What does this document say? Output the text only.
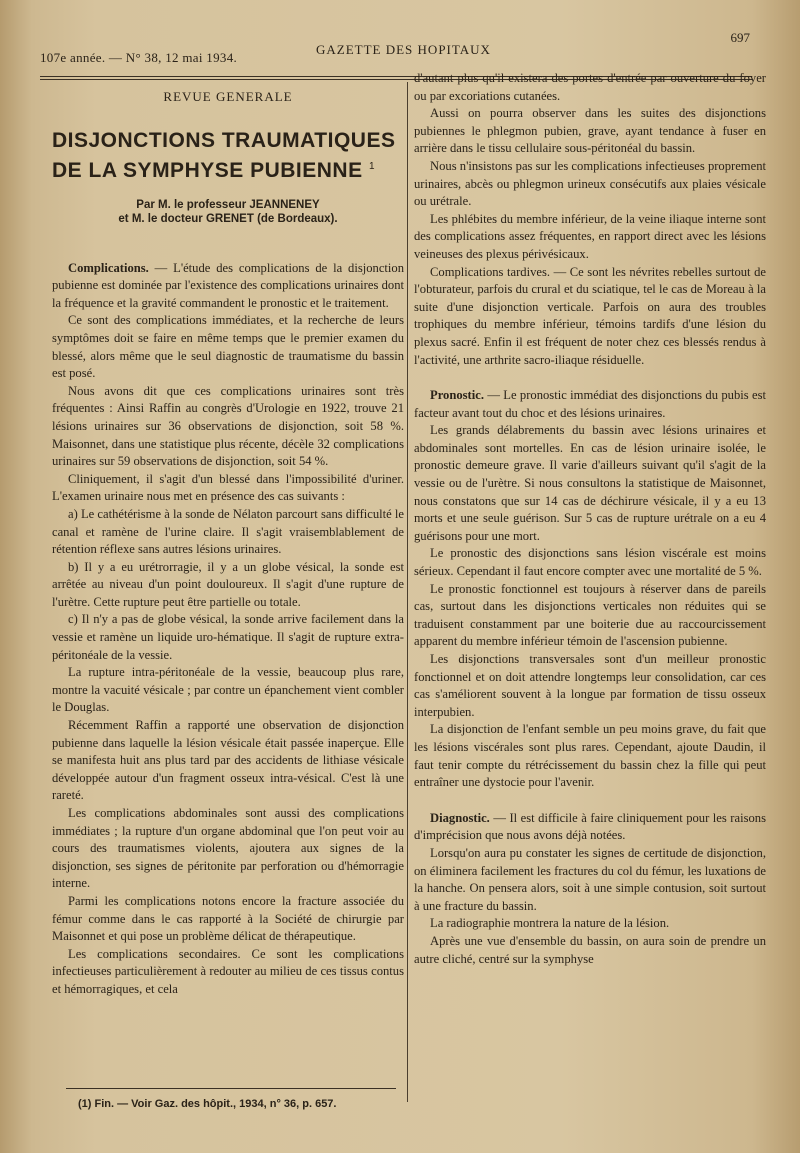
107e année. — N° 38, 12 mai 1934.
GAZETTE DES HOPITAUX
697
REVUE GENERALE
DISJONCTIONS TRAUMATIQUES
DE LA SYMPHYSE PUBIENNE $^1$
Par M. le professeur JEANNENEY
et M. le docteur GRENET (de Bordeaux).

Complications. — L'étude des complications de la disjonction pubienne est dominée par l'existence des complications urinaires dont la fréquence et la gravité commandent le pronostic et le traitement.

Ce sont des complications immédiates, et la recherche de leurs symptômes doit se faire en même temps que le premier examen du blessé, alors même que le seul diagnostic de traumatisme du bassin est posé.

Nous avons dit que ces complications urinaires sont très fréquentes : Ainsi Raffin au congrès d'Urologie en 1922, trouve 21 lésions urinaires sur 36 observations de disjonction, soit 58 %. Maisonnet, dans une statistique plus récente, décèle 32 complications urinaires sur 59 observations de disjonction, soit 54 %.

Cliniquement, il s'agit d'un blessé dans l'impossibilité d'uriner. L'examen urinaire nous met en présence des cas suivants :

a) Le cathétérisme à la sonde de Nélaton parcourt sans difficulté le canal et ramène de l'urine claire. Il s'agit vraisemblablement de rétention réflexe sans autres lésions urinaires.

b) Il y a eu urétrorragie, il y a un globe vésical, la sonde est arrêtée au niveau d'un point douloureux. Il s'agit d'une rupture de l'urètre. Cette rupture peut être partielle ou totale.

c) Il n'y a pas de globe vésical, la sonde arrive facilement dans la vessie et ramène un liquide uro-hématique. Il s'agit de rupture extra-péritonéale de la vessie.

La rupture intra-péritonéale de la vessie, beaucoup plus rare, montre la vacuité vésicale ; par contre un épanchement vient combler le Douglas.

Récemment Raffin a rapporté une observation de disjonction pubienne dans laquelle la lésion vésicale était passée inaperçue. Elle se manifesta huit ans plus tard par des accidents de lithiase vésicale développée autour d'un fragment osseux intra-vésical. C'est là une rareté.

Les complications abdominales sont aussi des complications immédiates ; la rupture d'un organe abdominal que l'on peut voir au cours des traumatismes violents, ajoutera aux signes de la disjonction, ses signes de péritonite par perforation ou d'hémorragie interne.

Parmi les complications notons encore la fracture associée du fémur comme dans le cas rapporté à la Société de chirurgie par Maisonnet et qui pose un problème délicat de thérapeutique.

Les complications secondaires. Ce sont les complications infectieuses particulièrement à redouter au milieu de ces tissus contus et hémorragiques, et cela

(1) Fin. — Voir Gaz. des hôpit., 1934, n° 36, p. 657.

d'autant plus qu'il existera des portes d'entrée par ouverture du foyer ou par excoriations cutanées.

Aussi on pourra observer dans les suites des disjonctions pubiennes le phlegmon pubien, grave, ayant tendance à fuser en arrière dans le tissu cellulaire sous-péritonéal du bassin.

Nous n'insistons pas sur les complications infectieuses proprement urinaires, abcès ou phlegmon urineux consécutifs aux plaies vésicale ou urétrale.

Les phlébites du membre inférieur, de la veine iliaque interne sont des complications assez fréquentes, en rapport direct avec les lésions veineuses des plexus périvésicaux.

Complications tardives. — Ce sont les névrites rebelles surtout de l'obturateur, parfois du crural et du sciatique, tel le cas de Moreau à la suite d'une disjonction verticale. Parfois on aura des troubles trophiques du membre inférieur, témoins tardifs d'une lésion du plexus sacré. Enfin il est fréquent de noter chez ces blessés rendus à l'activité, une arthrite sacro-iliaque résiduelle.

Pronostic. — Le pronostic immédiat des disjonctions du pubis est facteur avant tout du choc et des lésions urinaires.

Les grands délabrements du bassin avec lésions urinaires et abdominales sont mortelles. En cas de lésion urinaire isolée, le pronostic demeure grave. Il varie d'ailleurs suivant qu'il s'agit de la vessie ou de l'urètre. Si nous consultons la statistique de Maisonnet, nous constatons que sur 14 cas de déchirure vésicale, il y a eu 13 morts et une seule guérison. Sur 5 cas de rupture urétrale on a eu 4 guérisons pour une mort.

Le pronostic des disjonctions sans lésion viscérale est moins sérieux. Cependant il faut encore compter avec une mortalité de 5 %.

Le pronostic fonctionnel est toujours à réserver dans de pareils cas, surtout dans les disjonctions verticales non réduites qui se traduisent constamment par une boiterie due au raccourcissement apparent du membre inférieur témoin de l'ascension pubienne.

Les disjonctions transversales sont d'un meilleur pronostic fonctionnel et on doit attendre longtemps leur consolidation, car ces cas s'améliorent souvent à la longue par formation de tissu osseux interpubien.

La disjonction de l'enfant semble un peu moins grave, du fait que les lésions viscérales sont plus rares. Cependant, ajoute Daudin, il faut tenir compte du rétrécissement du bassin chez la fille qui peut entraîner une dystocie pour l'avenir.

Diagnostic. — Il est difficile à faire cliniquement pour les raisons d'imprécision que nous avons déjà notées.

Lorsqu'on aura pu constater les signes de certitude de disjonction, on éliminera facilement les fractures du col du fémur, les luxations de la hanche. On pensera alors, soit à une simple contusion, soit surtout à une fracture du bassin.

La radiographie montrera la nature de la lésion.

Après une vue d'ensemble du bassin, on aura soin de prendre un autre cliché, centré sur la symphyse
